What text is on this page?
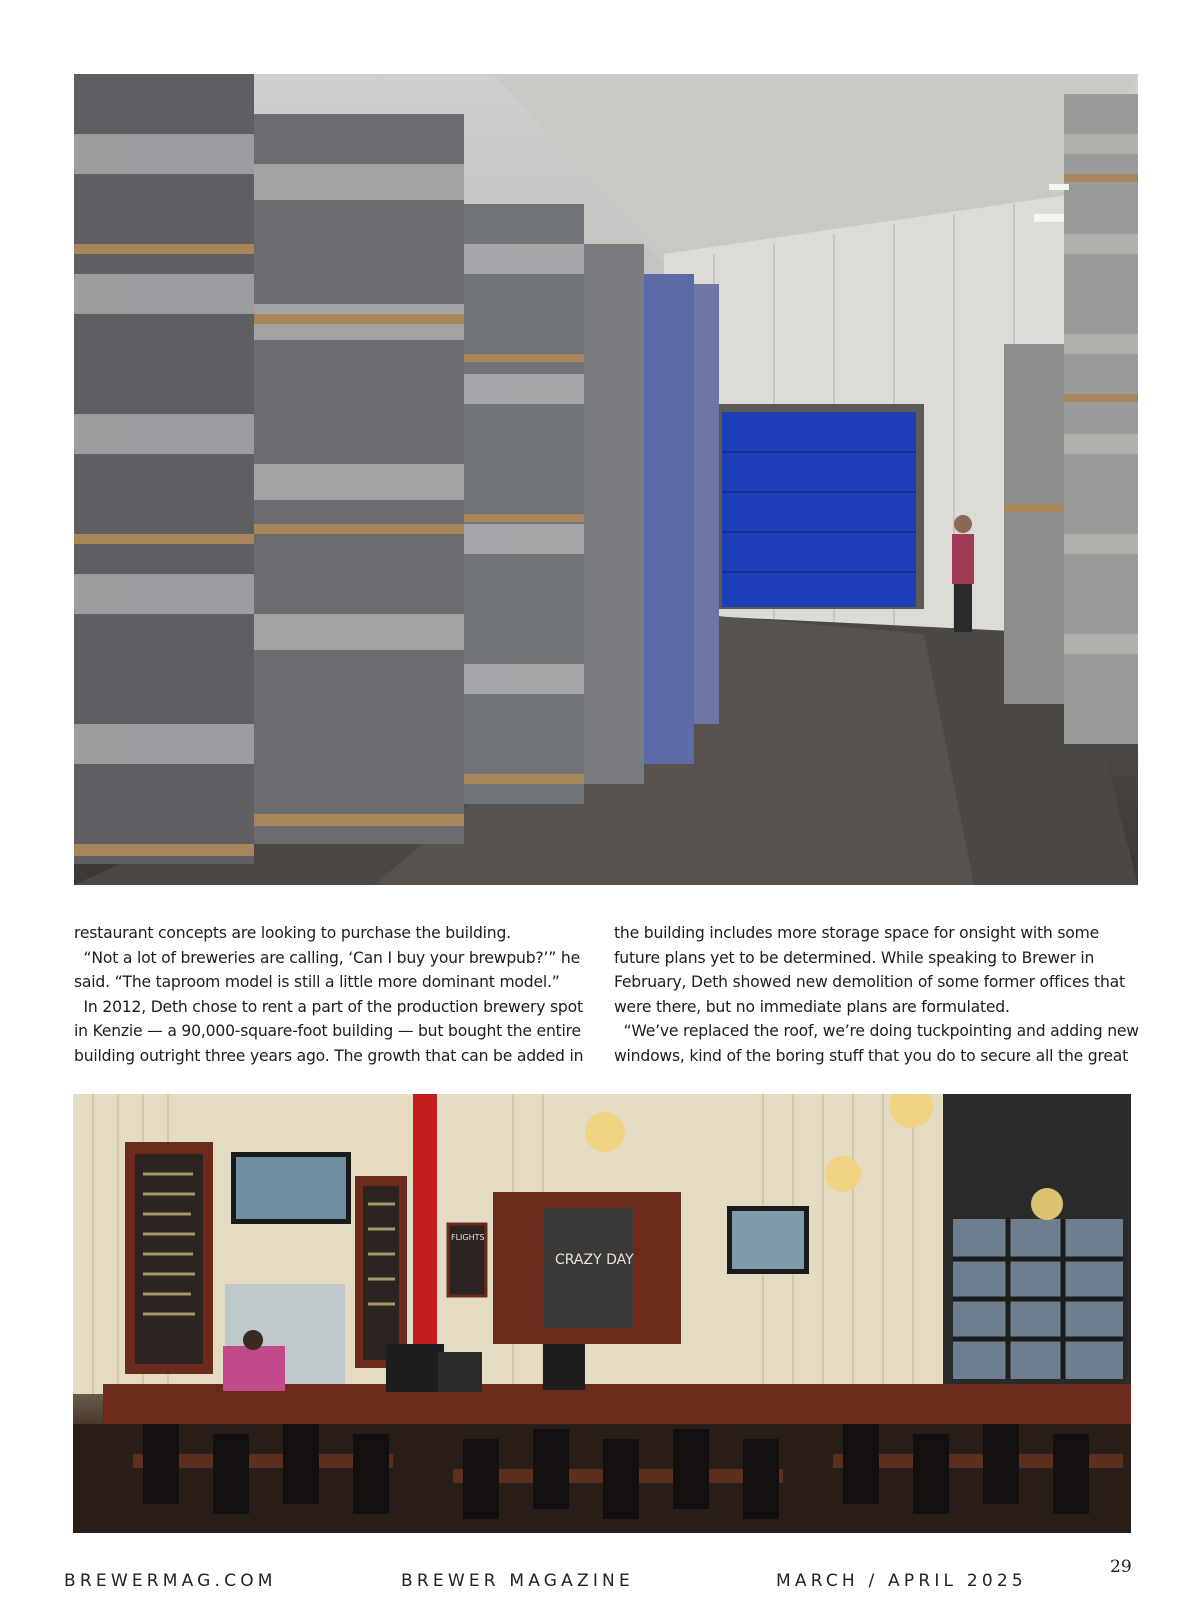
restaurant concepts are looking to purchase the building.

“Not a lot of breweries are calling, ‘Can I buy your brewpub?’” he

said. “The taproom model is still a little more dominant model.”

In 2012, Deth chose to rent a part of the production brewery spot

in Kenzie — a 90,000-square-foot building — but bought the entire

building outright three years ago. The growth that can be added in

the building includes more storage space for onsight with some

future plans yet to be determined. While speaking to Brewer in

February, Deth showed new demolition of some former offices that

were there, but no immediate plans are formulated.

“We’ve replaced the roof, we’re doing tuckpointing and adding new

windows, kind of the boring stuff that you do to secure all the great

CRAZY DAY
FLIGHTS
BREWERMAG.COM	BREWER MAGAZINE	MARCH / APRIL 2025
29
